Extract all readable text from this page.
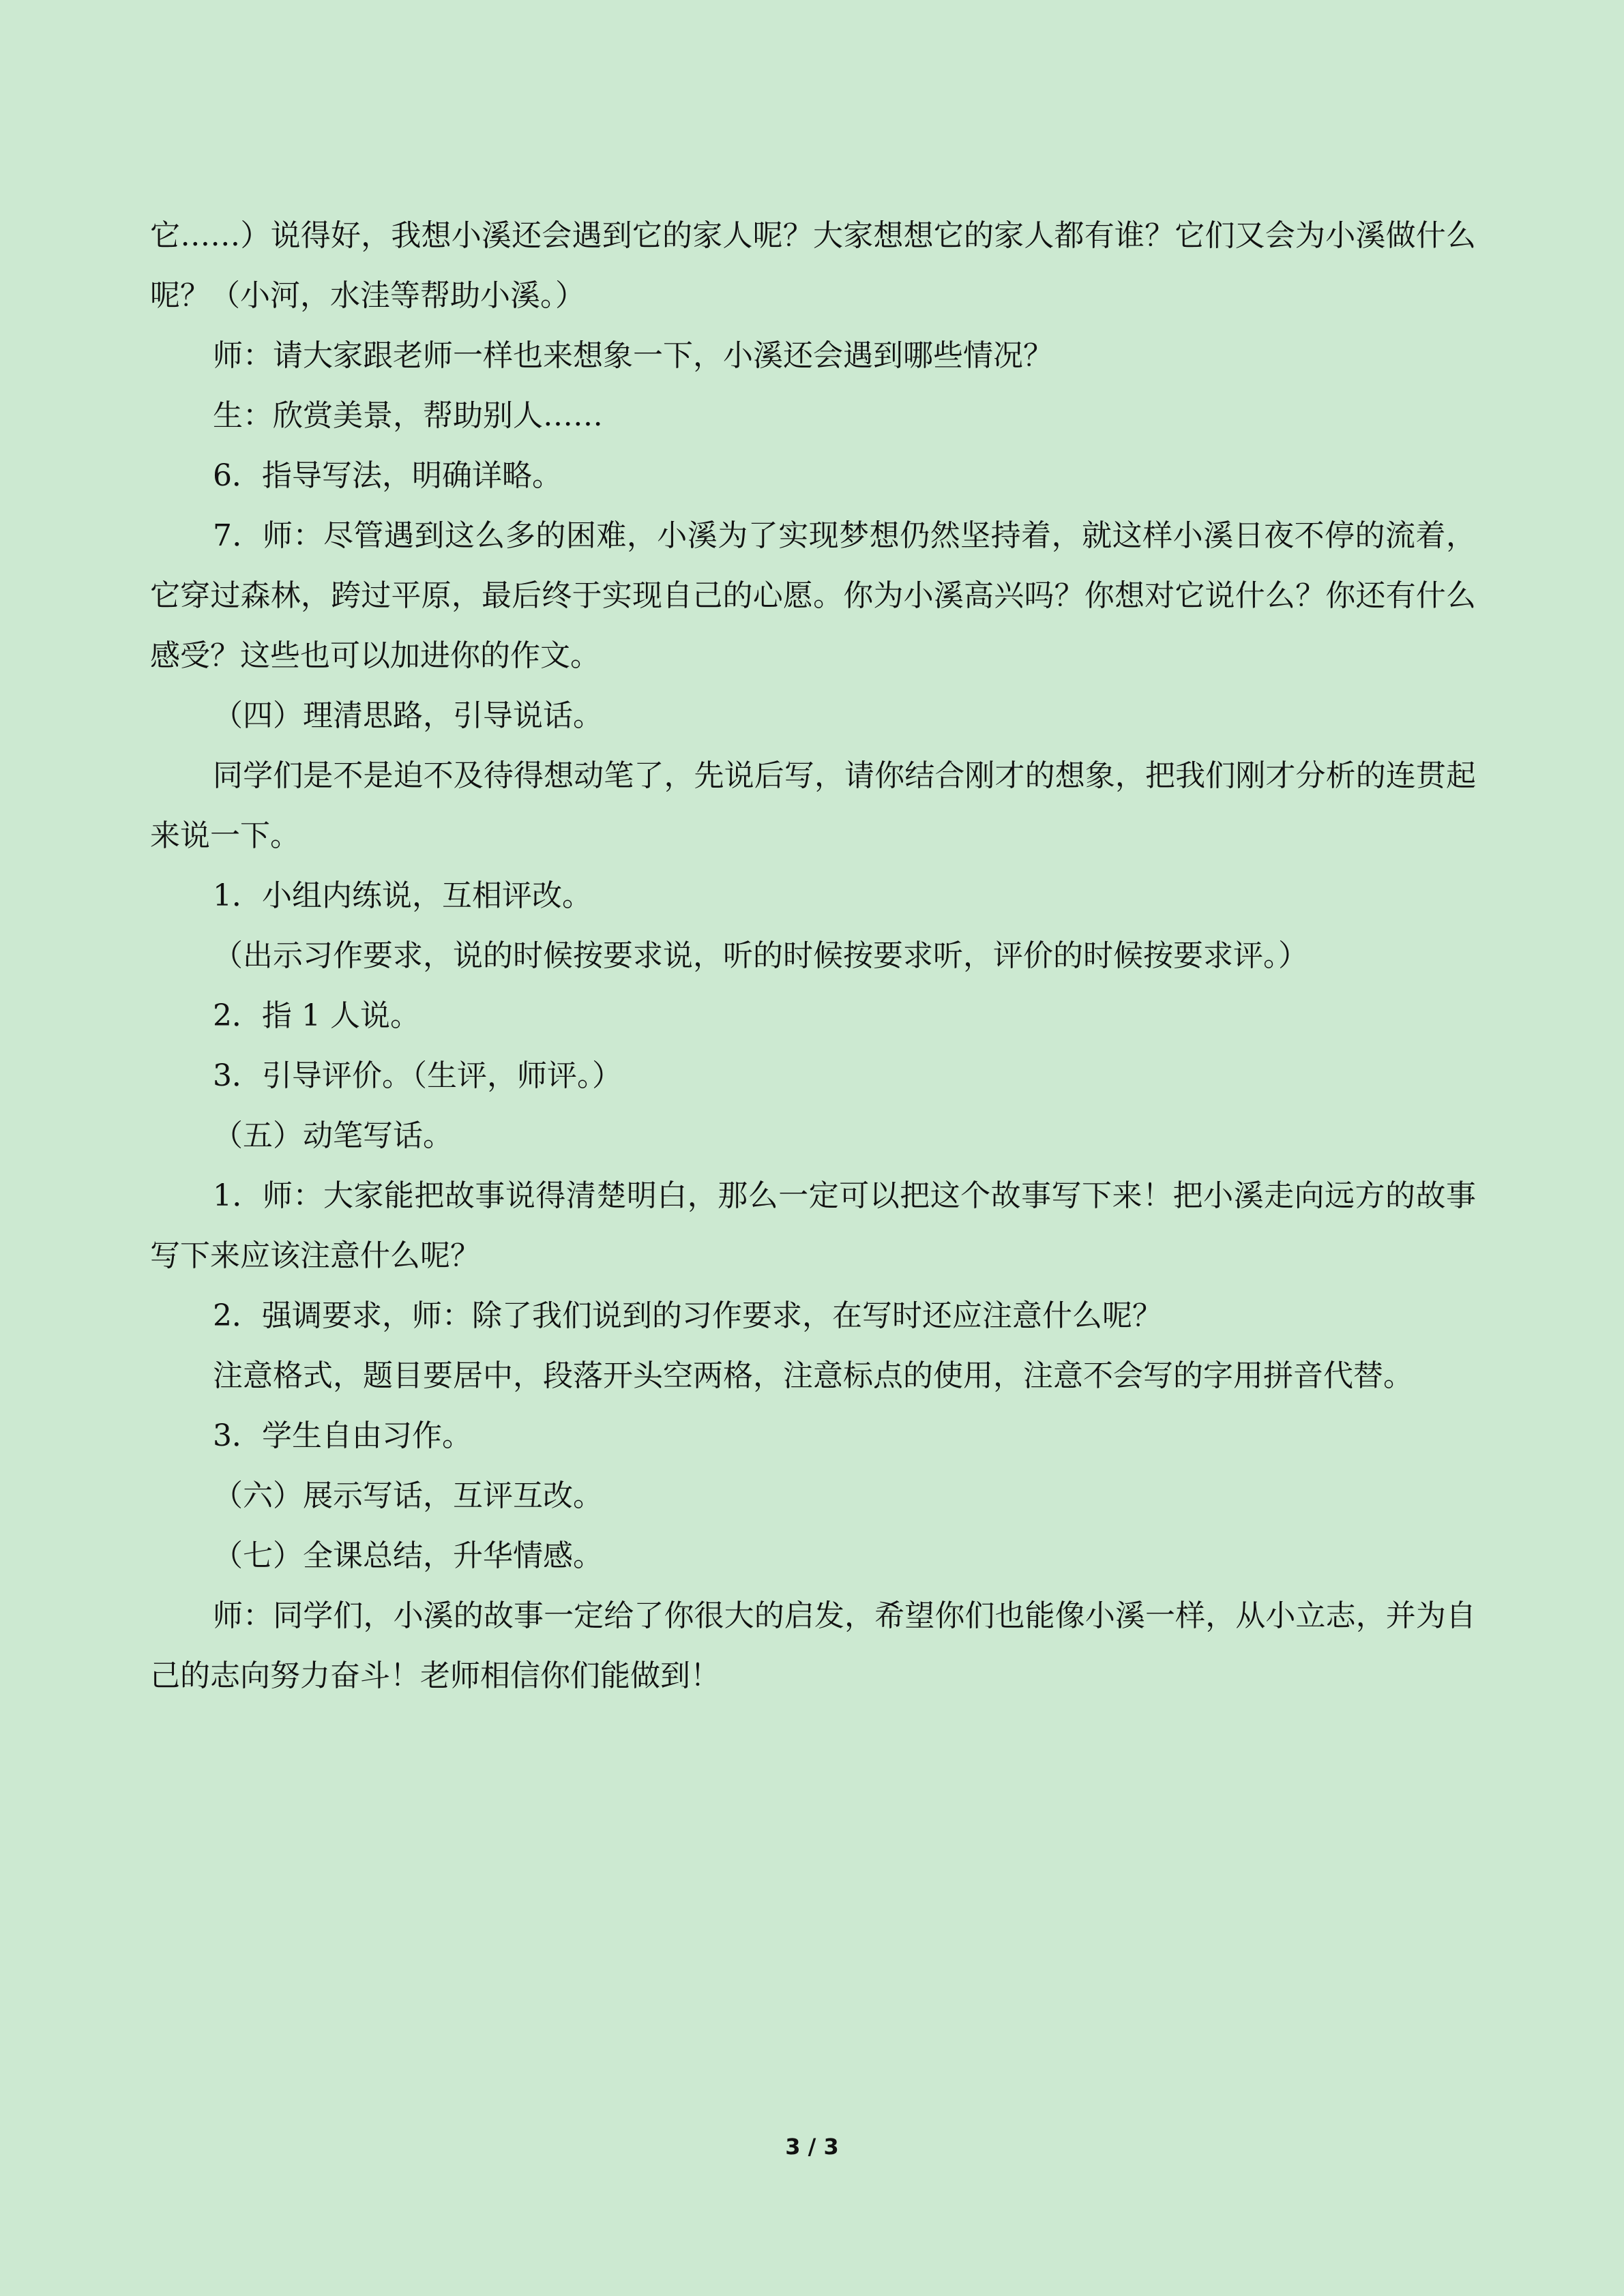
它……）说得好，我想小溪还会遇到它的家人呢？大家想想它的家人都有谁？它们又会为小溪做什么呢？（小河，水洼等帮助小溪。）

师：请大家跟老师一样也来想象一下，小溪还会遇到哪些情况？

生：欣赏美景，帮助别人……

6．指导写法，明确详略。

7．师：尽管遇到这么多的困难，小溪为了实现梦想仍然坚持着，就这样小溪日夜不停的流着，它穿过森林，跨过平原，最后终于实现自己的心愿。你为小溪高兴吗？你想对它说什么？你还有什么感受？这些也可以加进你的作文。

（四）理清思路，引导说话。

同学们是不是迫不及待得想动笔了，先说后写，请你结合刚才的想象，把我们刚才分析的连贯起来说一下。

1．小组内练说，互相评改。

（出示习作要求，说的时候按要求说，听的时候按要求听，评价的时候按要求评。）

2．指 1 人说。

3．引导评价。（生评，师评。）

（五）动笔写话。

1．师：大家能把故事说得清楚明白，那么一定可以把这个故事写下来！把小溪走向远方的故事写下来应该注意什么呢？

2．强调要求，师：除了我们说到的习作要求，在写时还应注意什么呢？

注意格式，题目要居中，段落开头空两格，注意标点的使用，注意不会写的字用拼音代替。

3．学生自由习作。

（六）展示写话，互评互改。

（七）全课总结，升华情感。

师：同学们，小溪的故事一定给了你很大的启发，希望你们也能像小溪一样，从小立志，并为自己的志向努力奋斗！老师相信你们能做到！

3 / 3
